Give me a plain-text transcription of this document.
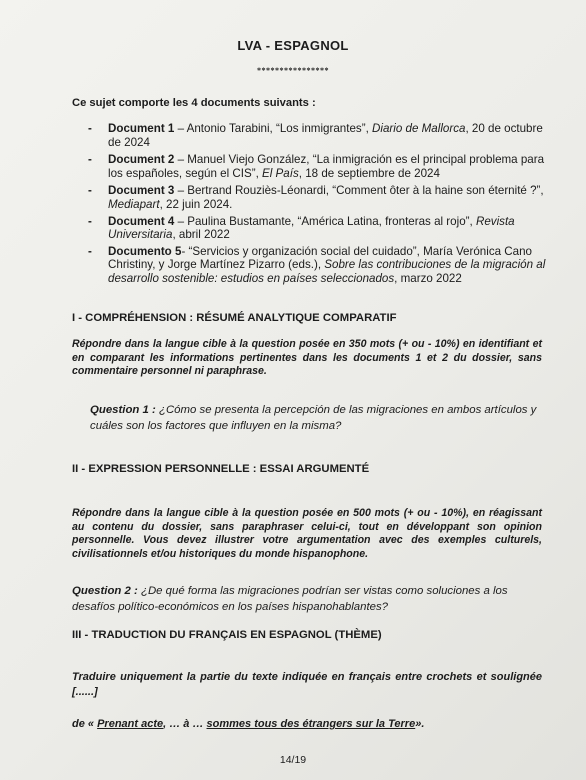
LVA - ESPAGNOL
****************
Ce sujet comporte les 4 documents suivants :
- Document 1 – Antonio Tarabini, “Los inmigrantes”, Diario de Mallorca, 20 de octubre de 2024
- Document 2 – Manuel Viejo González, “La inmigración es el principal problema para los españoles, según el CIS”, El País, 18 de septiembre de 2024
- Document 3 – Bertrand Rouziès-Léonardi, “Comment ôter à la haine son éternité ?”, Mediapart, 22 juin 2024.
- Document 4 – Paulina Bustamante, “América Latina, fronteras al rojo”, Revista Universitaria, abril 2022
- Documento 5- “Servicios y organización social del cuidado”, María Verónica Cano Christiny, y Jorge Martínez Pizarro (eds.), Sobre las contribuciones de la migración al desarrollo sostenible: estudios en países seleccionados, marzo 2022
I - COMPRÉHENSION : RÉSUMÉ ANALYTIQUE COMPARATIF
Répondre dans la langue cible à la question posée en 350 mots (+ ou - 10%) en identifiant et en comparant les informations pertinentes dans les documents 1 et 2 du dossier, sans commentaire personnel ni paraphrase.
Question 1 : ¿Cómo se presenta la percepción de las migraciones en ambos artículos y cuáles son los factores que influyen en la misma?
II - EXPRESSION PERSONNELLE : ESSAI ARGUMENTÉ
Répondre dans la langue cible à la question posée en 500 mots (+ ou - 10%), en réagissant au contenu du dossier, sans paraphraser celui-ci, tout en développant son opinion personnelle. Vous devez illustrer votre argumentation avec des exemples culturels, civilisationnels et/ou historiques du monde hispanophone.
Question 2 : ¿De qué forma las migraciones podrían ser vistas como soluciones a los desafíos político-económicos en los países hispanohablantes?
III - TRADUCTION DU FRANÇAIS EN ESPAGNOL (THÈME)
Traduire uniquement la partie du texte indiquée en français entre crochets et soulignée [......]
de « Prenant acte, … à … sommes tous des étrangers sur la Terre».
14/19
